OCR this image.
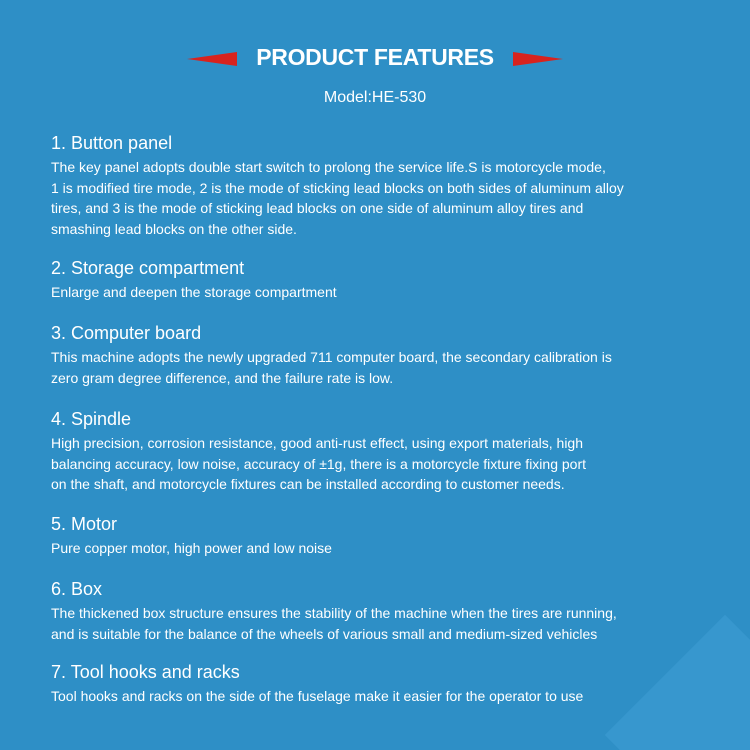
PRODUCT FEATURES
Model:HE-530
1. Button panel
The key panel adopts double start switch to prolong the service life.S is motorcycle mode,
1 is modified tire mode, 2 is the mode of sticking lead blocks on both sides of aluminum alloy
tires, and 3 is the mode of sticking lead blocks on one side of aluminum alloy tires and
smashing lead blocks on the other side.
2. Storage compartment
Enlarge and deepen the storage compartment
3. Computer board
This machine adopts the newly upgraded 711 computer board, the secondary calibration is
zero gram degree difference, and the failure rate is low.
4. Spindle
High precision, corrosion resistance, good anti-rust effect, using export materials, high
balancing accuracy, low noise, accuracy of ±1g, there is a motorcycle fixture fixing port
on the shaft, and motorcycle fixtures can be installed according to customer needs.
5. Motor
Pure copper motor, high power and low noise
6. Box
The thickened box structure ensures the stability of the machine when the tires are running,
and is suitable for the balance of the wheels of various small and medium-sized vehicles
7. Tool hooks and racks
Tool hooks and racks on the side of the fuselage make it easier for the operator to use
